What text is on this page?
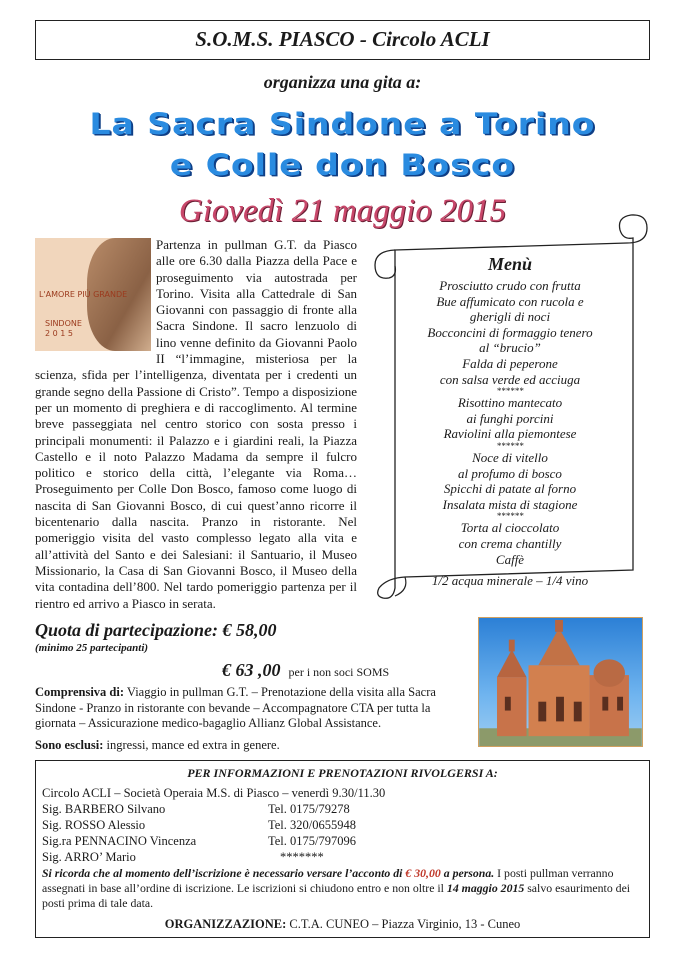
S.O.M.S. PIASCO - Circolo ACLI
organizza una gita a:
La Sacra Sindone a Torino
e Colle don Bosco
Giovedì 21 maggio 2015
Partenza in pullman G.T. da Piasco alle ore 6.30 dalla Piazza della Pace e proseguimento via autostrada per Torino. Visita alla Cattedrale di San Giovanni con passaggio di fronte alla Sacra Sindone. Il sacro lenzuolo di lino venne definito da Giovanni Paolo II “l’immagine, misteriosa per la scienza, sfida per l’intelligenza, diventata per i credenti un grande segno della Passione di Cristo”. Tempo a disposizione per un momento di preghiera e di raccoglimento. Al termine breve passeggiata nel centro storico con sosta presso i principali monumenti: il Palazzo e i giardini reali, la Piazza Castello e il noto Palazzo Madama da sempre il fulcro politico e storico della città, l’elegante via Roma… Proseguimento per Colle Don Bosco, famoso come luogo di nascita di San Giovanni Bosco, di cui quest’anno ricorre il bicentenario dalla nascita. Pranzo in ristorante. Nel pomeriggio visita del vasto complesso legato alla vita e all’attività del Santo e dei Salesiani: il Santuario, il Museo Missionario, la Casa di San Giovanni Bosco, il Museo della vita contadina dell’800. Nel tardo pomeriggio partenza per il rientro ed arrivo a Piasco in serata.
L'AMORE PIÙ GRANDE
SINDONE
2 0 1 5
Menù
Prosciutto crudo con frutta
Bue affumicato con rucola e
gherigli di noci
Bocconcini di formaggio tenero
al “brucio”
Falda di peperone
con salsa verde ed acciuga
******
Risottino mantecato
ai funghi porcini
Raviolini alla piemontese
******
Noce di vitello
al profumo di bosco
Spicchi di patate al forno
Insalata mista di stagione
******
Torta al cioccolato
con crema chantilly
Caffè
1/2 acqua minerale – 1/4 vino
Quota di partecipazione: € 58,00
(minimo 25 partecipanti)
€ 63 ,00 per i non soci SOMS
Comprensiva di: Viaggio in pullman G.T. – Prenotazione della visita alla Sacra Sindone - Pranzo in ristorante con bevande – Accompagnatore CTA per tutta la giornata – Assicurazione medico-bagaglio Allianz Global Assistance.
Sono esclusi: ingressi, mance ed extra in genere.
PER INFORMAZIONI E PRENOTAZIONI RIVOLGERSI A:
Circolo ACLI – Società Operaia M.S. di Piasco – venerdì 9.30/11.30
Sig. BARBERO Silvano	Tel. 0175/79278
Sig. ROSSO Alessio	Tel. 320/0655948
Sig.ra PENNACINO Vincenza	Tel. 0175/797096
Sig. ARRO’ Mario	*******
Si ricorda che al momento dell’iscrizione è necessario versare l’acconto di € 30,00 a persona. I posti pullman verranno assegnati in base all’ordine di iscrizione. Le iscrizioni si chiudono entro e non oltre il 14 maggio 2015 salvo esaurimento dei posti prima di tale data.
ORGANIZZAZIONE: C.T.A. CUNEO – Piazza Virginio, 13 - Cuneo
